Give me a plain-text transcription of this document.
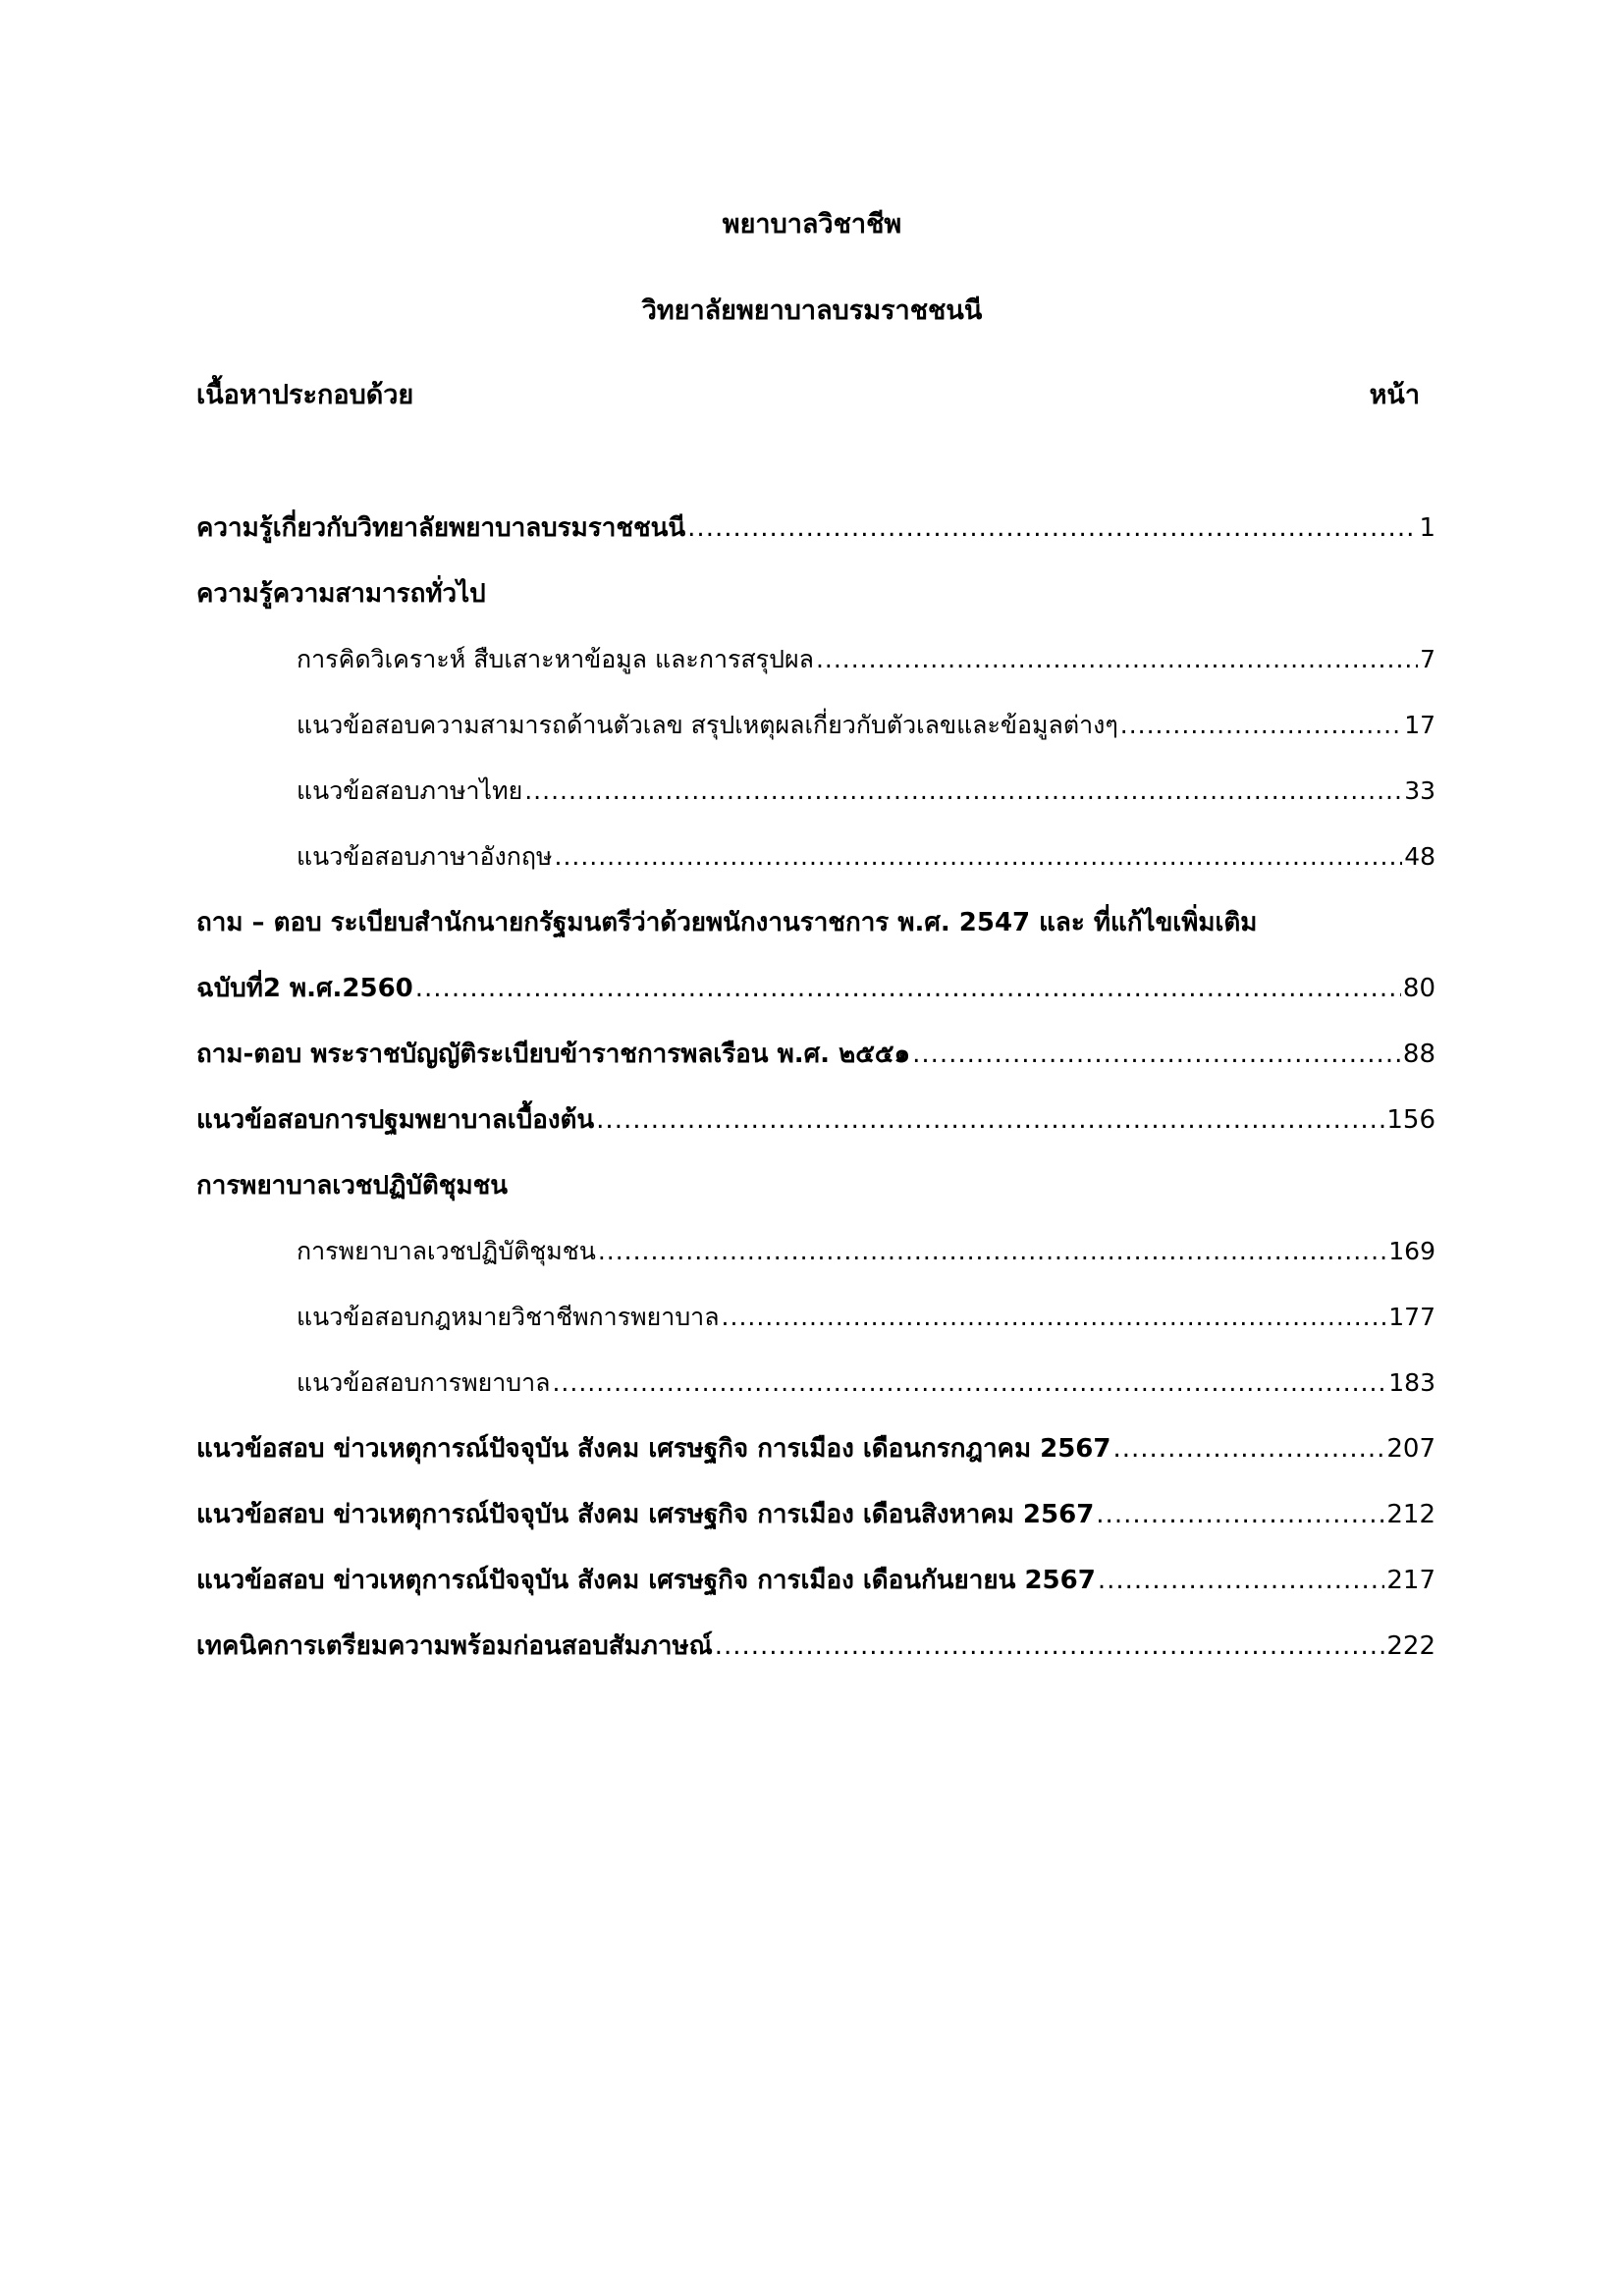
พยาบาลวิชาชีพ
วิทยาลัยพยาบาลบรมราชชนนี
เนื้อหาประกอบด้วย	หน้า
ความรู้เกี่ยวกับวิทยาลัยพยาบาลบรมราชชนนี .....	1
ความรู้ความสามารถทั่วไป
การคิดวิเคราะห์ สืบเสาะหาข้อมูล และการสรุปผล .....	7
แนวข้อสอบความสามารถด้านตัวเลข สรุปเหตุผลเกี่ยวกับตัวเลขและข้อมูลต่างๆ .....	17
แนวข้อสอบภาษาไทย .....	33
แนวข้อสอบภาษาอังกฤษ .....	48
ถาม – ตอบ ระเบียบสำนักนายกรัฐมนตรีว่าด้วยพนักงานราชการ พ.ศ. 2547 และ ที่แก้ไขเพิ่มเติม
ฉบับที่2 พ.ศ.2560 .....	80
ถาม-ตอบ พระราชบัญญัติระเบียบข้าราชการพลเรือน พ.ศ. ๒๕๕๑ .....	88
แนวข้อสอบการปฐมพยาบาลเบื้องต้น .....	156
การพยาบาลเวชปฏิบัติชุมชน
การพยาบาลเวชปฏิบัติชุมชน .....	169
แนวข้อสอบกฎหมายวิชาชีพการพยาบาล .....	177
แนวข้อสอบการพยาบาล .....	183
แนวข้อสอบ ข่าวเหตุการณ์ปัจจุบัน สังคม เศรษฐกิจ การเมือง เดือนกรกฎาคม 2567 .....	207
แนวข้อสอบ ข่าวเหตุการณ์ปัจจุบัน สังคม เศรษฐกิจ การเมือง เดือนสิงหาคม 2567 .....	212
แนวข้อสอบ ข่าวเหตุการณ์ปัจจุบัน สังคม เศรษฐกิจ การเมือง เดือนกันยายน 2567 .....	217
เทคนิคการเตรียมความพร้อมก่อนสอบสัมภาษณ์ .....	222
